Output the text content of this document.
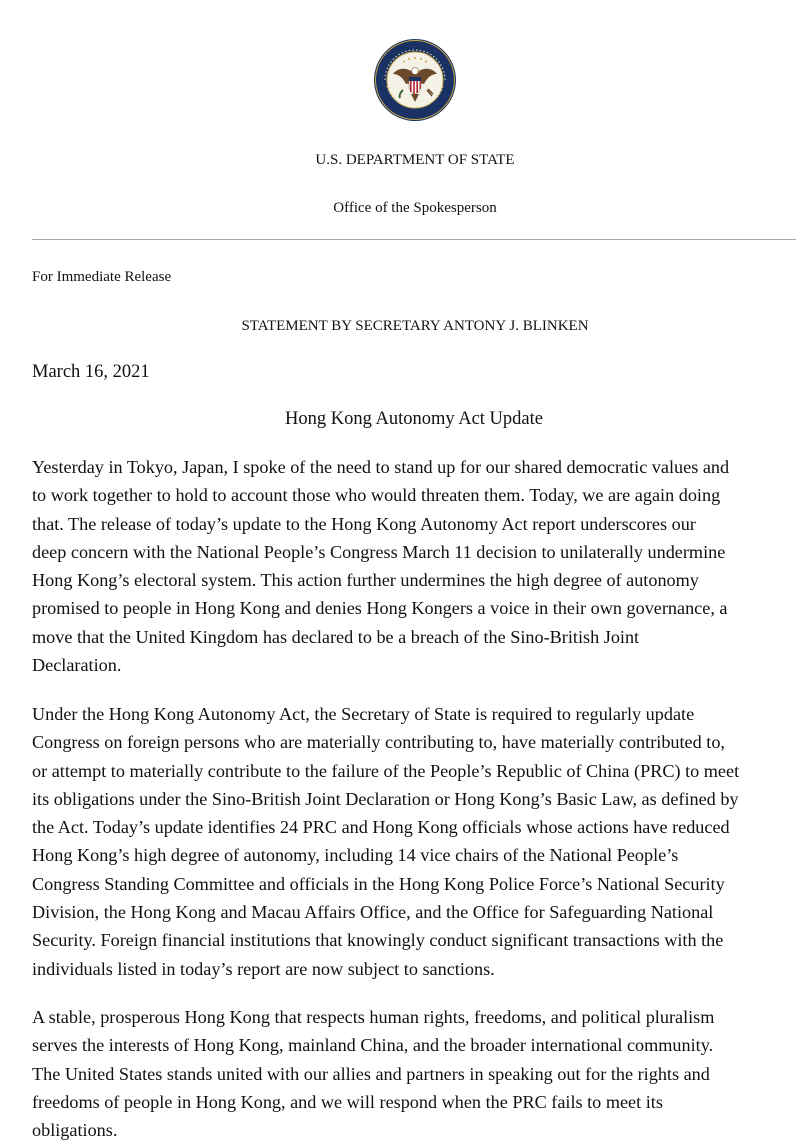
U.S. DEPARTMENT OF STATE
Office of the Spokesperson
For Immediate Release
STATEMENT BY SECRETARY ANTONY J. BLINKEN
March 16, 2021
Hong Kong Autonomy Act Update
Yesterday in Tokyo, Japan, I spoke of the need to stand up for our shared democratic values and
to work together to hold to account those who would threaten them. Today, we are again doing
that. The release of today’s update to the Hong Kong Autonomy Act report underscores our
deep concern with the National People’s Congress March 11 decision to unilaterally undermine
Hong Kong’s electoral system. This action further undermines the high degree of autonomy
promised to people in Hong Kong and denies Hong Kongers a voice in their own governance, a
move that the United Kingdom has declared to be a breach of the Sino-British Joint
Declaration.
Under the Hong Kong Autonomy Act, the Secretary of State is required to regularly update
Congress on foreign persons who are materially contributing to, have materially contributed to,
or attempt to materially contribute to the failure of the People’s Republic of China (PRC) to meet
its obligations under the Sino-British Joint Declaration or Hong Kong’s Basic Law, as defined by
the Act. Today’s update identifies 24 PRC and Hong Kong officials whose actions have reduced
Hong Kong’s high degree of autonomy, including 14 vice chairs of the National People’s
Congress Standing Committee and officials in the Hong Kong Police Force’s National Security
Division, the Hong Kong and Macau Affairs Office, and the Office for Safeguarding National
Security. Foreign financial institutions that knowingly conduct significant transactions with the
individuals listed in today’s report are now subject to sanctions.
A stable, prosperous Hong Kong that respects human rights, freedoms, and political pluralism
serves the interests of Hong Kong, mainland China, and the broader international community.
The United States stands united with our allies and partners in speaking out for the rights and
freedoms of people in Hong Kong, and we will respond when the PRC fails to meet its
obligations.
